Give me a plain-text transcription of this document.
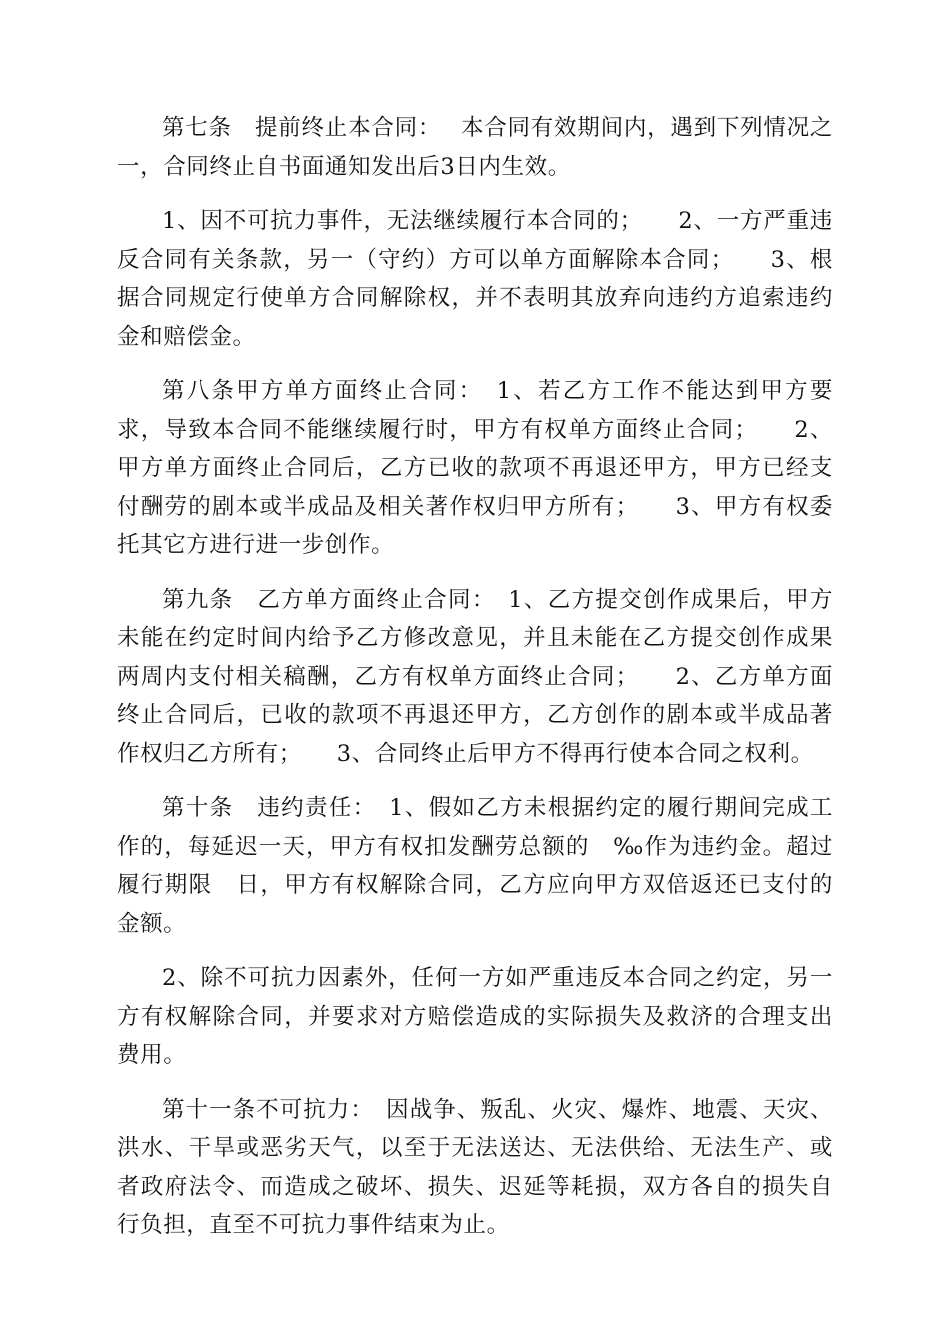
第七条　提前终止本合同：　 本合同有效期间内，遇到下列情况之一，合同终止自书面通知发出后3日内生效。

1、因不可抗力事件，无法继续履行本合同的；　　2、一方严重违反合同有关条款，另一（守约）方可以单方面解除本合同；　　3、根据合同规定行使单方合同解除权，并不表明其放弃向违约方追索违约金和赔偿金。

第八条甲方单方面终止合同：　1、若乙方工作不能达到甲方要求，导致本合同不能继续履行时，甲方有权单方面终止合同；　　2、甲方单方面终止合同后，乙方已收的款项不再退还甲方，甲方已经支付酬劳的剧本或半成品及相关著作权归甲方所有；　　3、甲方有权委托其它方进行进一步创作。

第九条　乙方单方面终止合同：　1、乙方提交创作成果后，甲方未能在约定时间内给予乙方修改意见，并且未能在乙方提交创作成果两周内支付相关稿酬，乙方有权单方面终止合同；　　2、乙方单方面终止合同后，已收的款项不再退还甲方，乙方创作的剧本或半成品著作权归乙方所有；　　3、合同终止后甲方不得再行使本合同之权利。

第十条　违约责任：　1、假如乙方未根据约定的履行期间完成工作的，每延迟一天，甲方有权扣发酬劳总额的　‰作为违约金。超过履行期限　日，甲方有权解除合同，乙方应向甲方双倍返还已支付的金额。

2、除不可抗力因素外，任何一方如严重违反本合同之约定，另一方有权解除合同，并要求对方赔偿造成的实际损失及救济的合理支出费用。

第十一条不可抗力：　因战争、叛乱、火灾、爆炸、地震、天灾、洪水、干旱或恶劣天气，以至于无法送达、无法供给、无法生产、或者政府法令、而造成之破坏、损失、迟延等耗损，双方各自的损失自行负担，直至不可抗力事件结束为止。
